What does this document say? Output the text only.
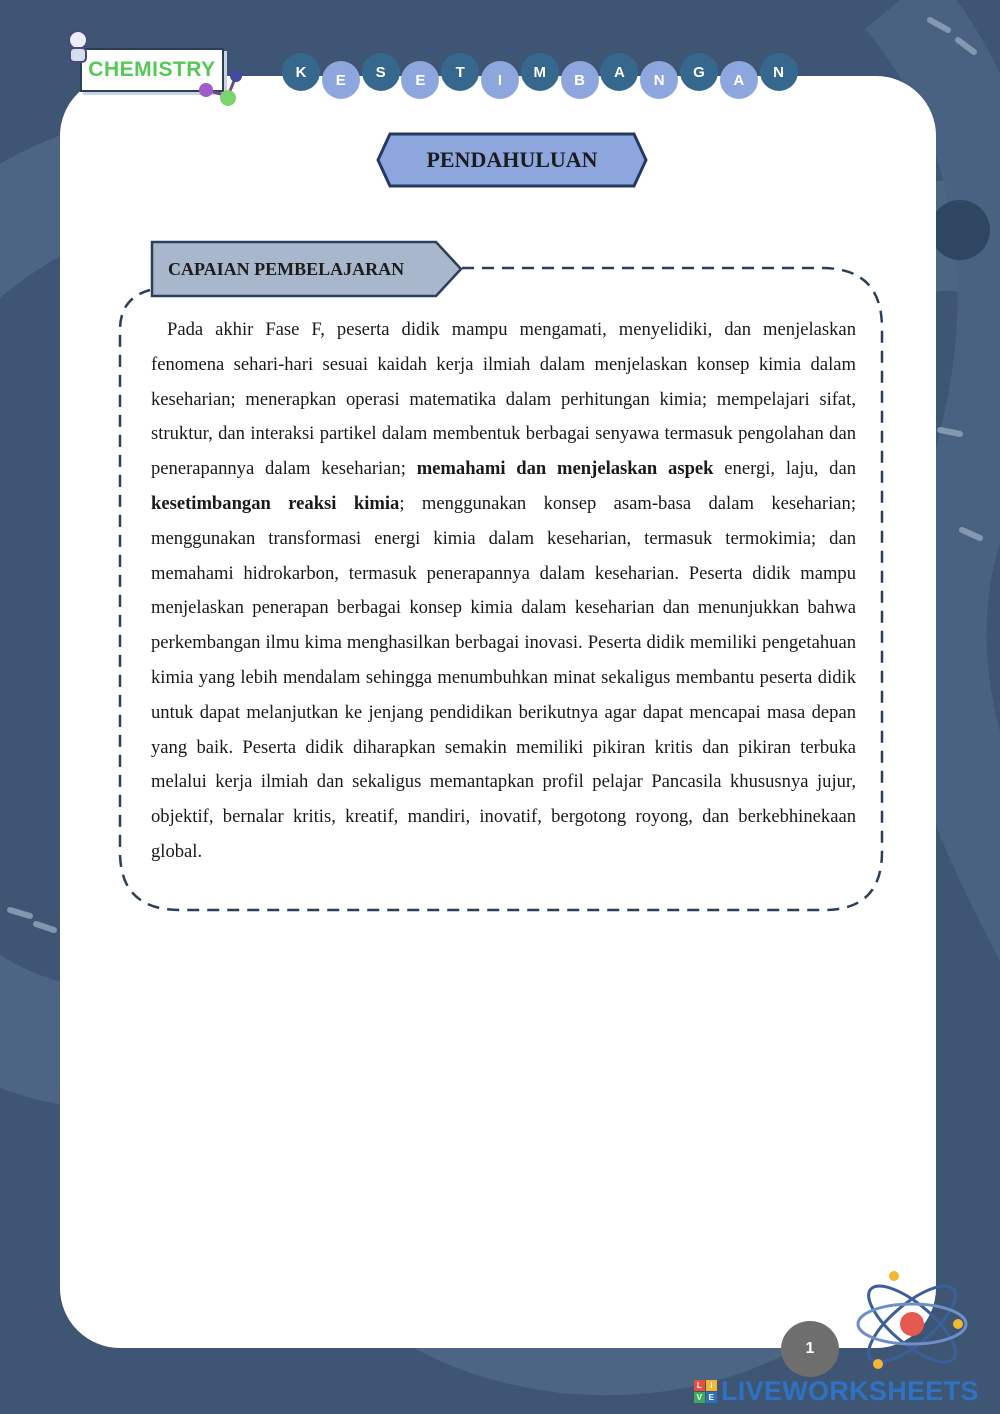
CHEMISTRY	K	E	S	E	T	I	M	B	A	N	G	A	N
PENDAHULUAN
CAPAIAN PEMBELAJARAN

Pada akhir Fase F, peserta didik mampu mengamati, menyelidiki, dan menjelaskan fenomena sehari-hari sesuai kaidah kerja ilmiah dalam menjelaskan konsep kimia dalam keseharian; menerapkan operasi matematika dalam perhitungan kimia; mempelajari sifat, struktur, dan interaksi partikel dalam membentuk berbagai senyawa termasuk pengolahan dan penerapannya dalam keseharian; memahami dan menjelaskan aspek energi, laju, dan kesetimbangan reaksi kimia; menggunakan konsep asam-basa dalam keseharian; menggunakan transformasi energi kimia dalam keseharian, termasuk termokimia; dan memahami hidrokarbon, termasuk penerapannya dalam keseharian. Peserta didik mampu menjelaskan penerapan berbagai konsep kimia dalam keseharian dan menunjukkan bahwa perkembangan ilmu kima menghasilkan berbagai inovasi. Peserta didik memiliki pengetahuan kimia yang lebih mendalam sehingga menumbuhkan minat sekaligus membantu peserta didik untuk dapat melanjutkan ke jenjang pendidikan berikutnya agar dapat mencapai masa depan yang baik. Peserta didik diharapkan semakin memiliki pikiran kritis dan pikiran terbuka melalui kerja ilmiah dan sekaligus memantapkan profil pelajar Pancasila khususnya jujur, objektif, bernalar kritis, kreatif, mandiri, inovatif, bergotong royong, dan berkebhinekaan global.

1
L	I
V E LIVEWORKSHEETS
